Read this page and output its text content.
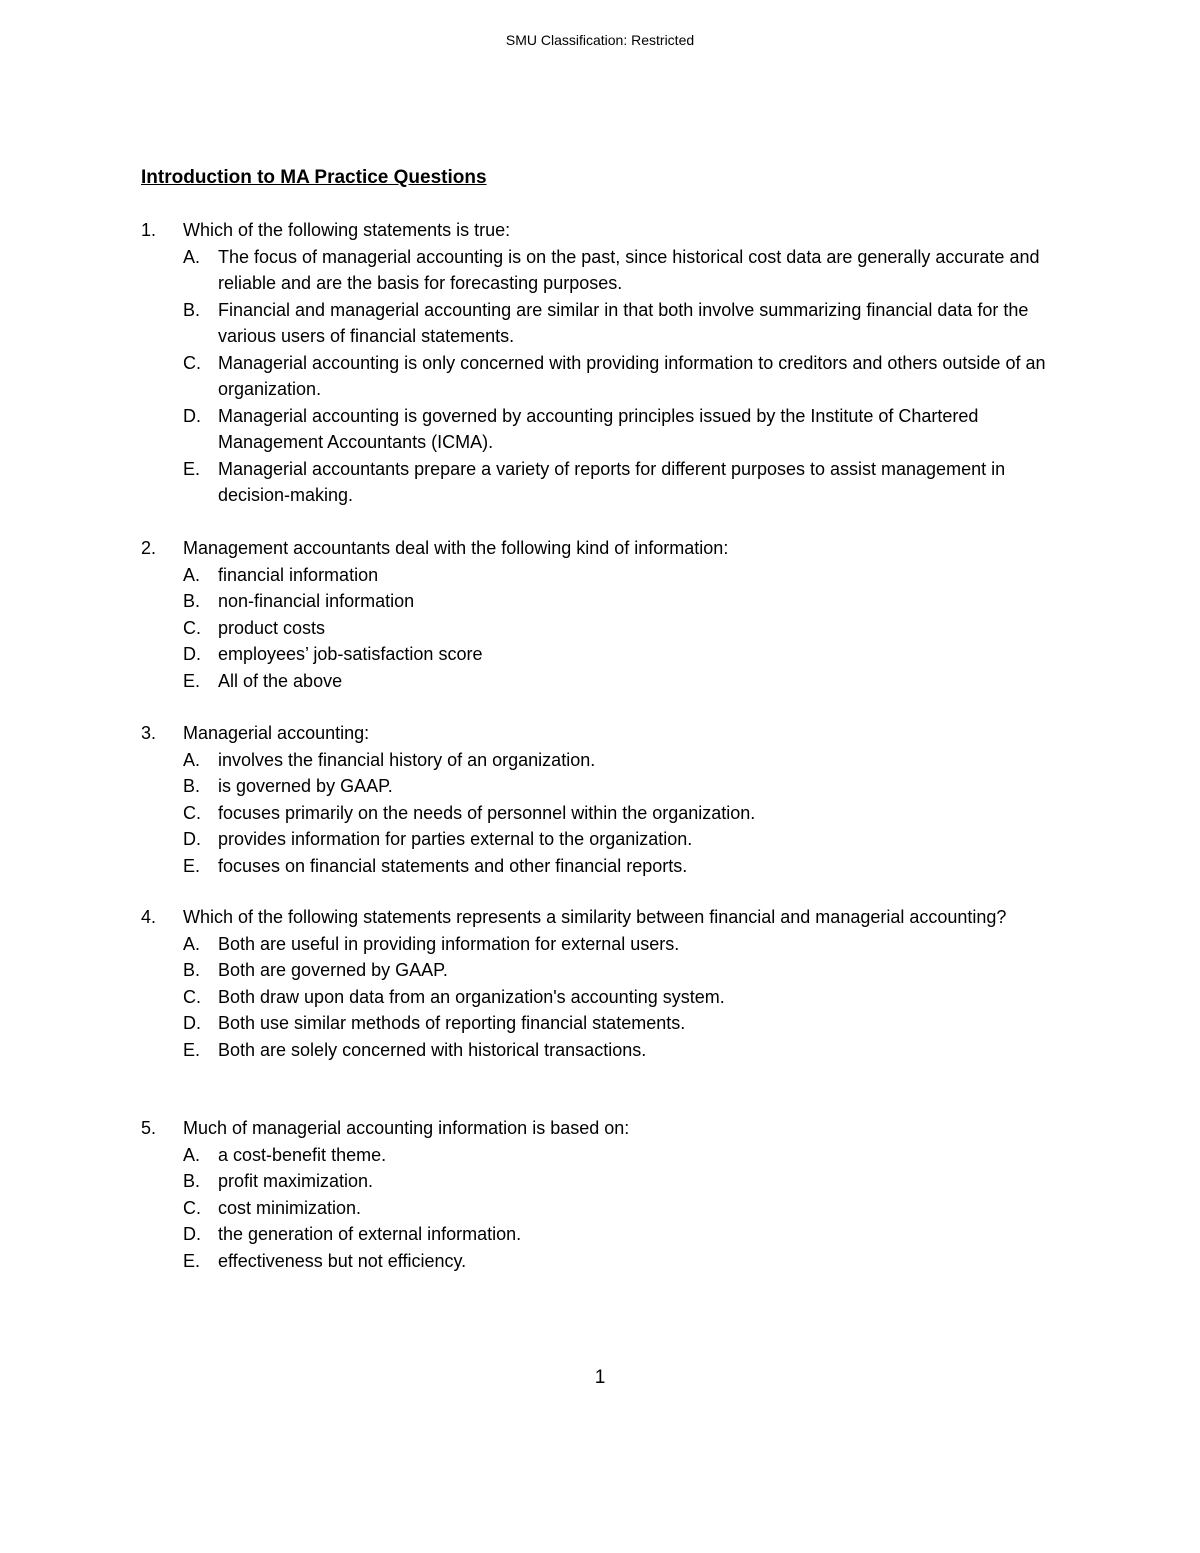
SMU Classification: Restricted
Introduction to MA Practice Questions
1.	Which of the following statements is true:
A. The focus of managerial accounting is on the past, since historical cost data are generally accurate and reliable and are the basis for forecasting purposes.
B. Financial and managerial accounting are similar in that both involve summarizing financial data for the various users of financial statements.
C. Managerial accounting is only concerned with providing information to creditors and others outside of an organization.
D. Managerial accounting is governed by accounting principles issued by the Institute of Chartered Management Accountants (ICMA).
E. Managerial accountants prepare a variety of reports for different purposes to assist management in decision-making.
2.	Management accountants deal with the following kind of information:
A. financial information
B. non-financial information
C. product costs
D. employees’ job-satisfaction score
E. All of the above
3.	Managerial accounting:
A. involves the financial history of an organization.
B. is governed by GAAP.
C. focuses primarily on the needs of personnel within the organization.
D. provides information for parties external to the organization.
E. focuses on financial statements and other financial reports.
4.	Which of the following statements represents a similarity between financial and managerial accounting?
A. Both are useful in providing information for external users.
B. Both are governed by GAAP.
C. Both draw upon data from an organization's accounting system.
D. Both use similar methods of reporting financial statements.
E. Both are solely concerned with historical transactions.
5.	Much of managerial accounting information is based on:
A. a cost-benefit theme.
B. profit maximization.
C. cost minimization.
D. the generation of external information.
E. effectiveness but not efficiency.
1
